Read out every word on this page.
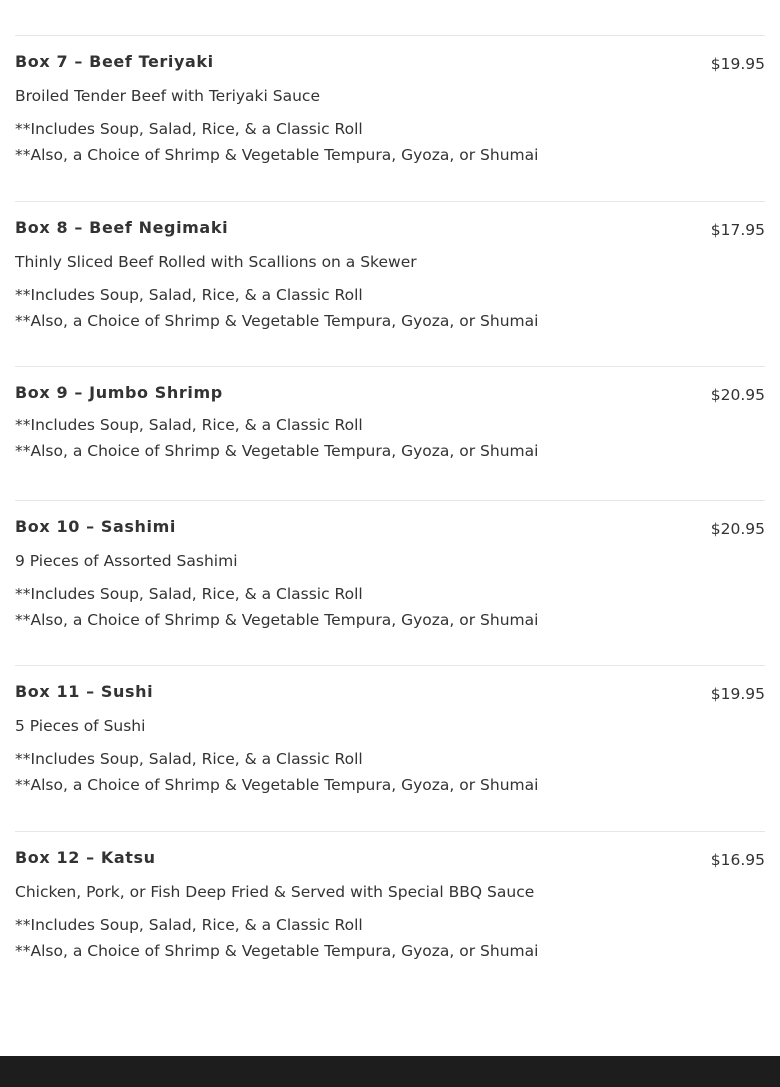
Box 7 – Beef Teriyaki	$19.95
Broiled Tender Beef with Teriyaki Sauce
**Includes Soup, Salad, Rice, & a Classic Roll
**Also, a Choice of Shrimp & Vegetable Tempura, Gyoza, or Shumai
Box 8 – Beef Negimaki	$17.95
Thinly Sliced Beef Rolled with Scallions on a Skewer
**Includes Soup, Salad, Rice, & a Classic Roll
**Also, a Choice of Shrimp & Vegetable Tempura, Gyoza, or Shumai
Box 9 – Jumbo Shrimp	$20.95
**Includes Soup, Salad, Rice, & a Classic Roll
**Also, a Choice of Shrimp & Vegetable Tempura, Gyoza, or Shumai
Box 10 – Sashimi	$20.95
9 Pieces of Assorted Sashimi
**Includes Soup, Salad, Rice, & a Classic Roll
**Also, a Choice of Shrimp & Vegetable Tempura, Gyoza, or Shumai
Box 11 – Sushi	$19.95
5 Pieces of Sushi
**Includes Soup, Salad, Rice, & a Classic Roll
**Also, a Choice of Shrimp & Vegetable Tempura, Gyoza, or Shumai
Box 12 – Katsu	$16.95
Chicken, Pork, or Fish Deep Fried & Served with Special BBQ Sauce
**Includes Soup, Salad, Rice, & a Classic Roll
**Also, a Choice of Shrimp & Vegetable Tempura, Gyoza, or Shumai
